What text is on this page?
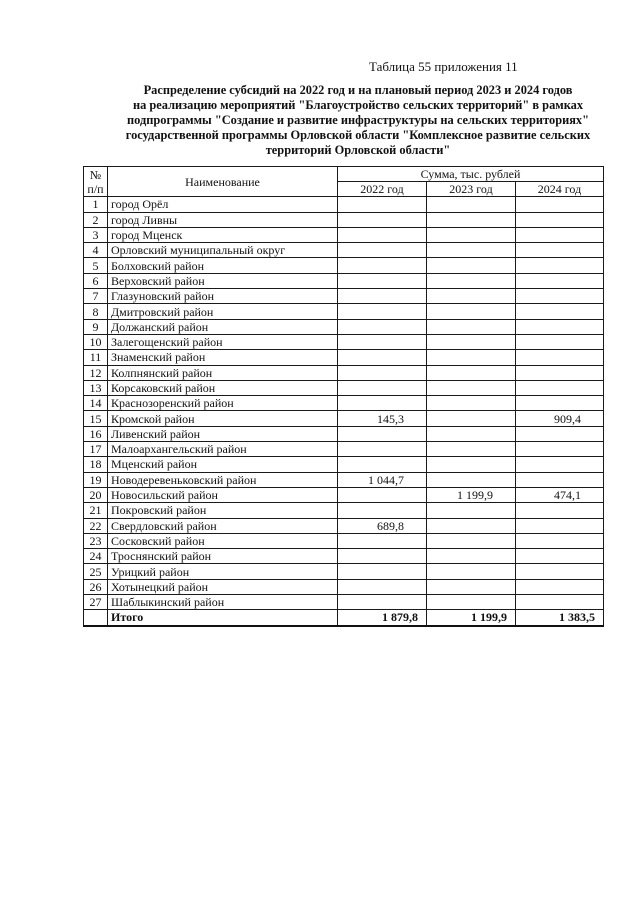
Таблица 55 приложения 11
Распределение субсидий на 2022 год и на плановый период 2023 и 2024 годов
на реализацию мероприятий "Благоустройство сельских территорий" в рамках
подпрограммы "Создание и развитие инфраструктуры на сельских территориях"
государственной программы Орловской области "Комплексное развитие сельских
территорий Орловской области"
№
п/п	Наименование	Сумма, тыс. рублей		
		2022 год	2023 год	2024 год
1	город Орёл			
2	город Ливны			
3	город Мценск			
4	Орловский муниципальный округ			
5	Болховский район			
6	Верховский район			
7	Глазуновский район			
8	Дмитровский район			
9	Должанский район			
10	Залегощенский район			
11	Знаменский район			
12	Колпнянский район			
13	Корсаковский район			
14	Краснозоренский район			
15	Кромской район	145,3		909,4
16	Ливенский район			
17	Малоархангельский район			
18	Мценский район			
19	Новодеревеньковский район	1 044,7		
20	Новосильский район		1 199,9	474,1
21	Покровский район			
22	Свердловский район	689,8		
23	Сосковский район			
24	Троснянский район			
25	Урицкий район			
26	Хотынецкий район			
27	Шаблыкинский район			
	Итого	1 879,8	1 199,9	1 383,5
